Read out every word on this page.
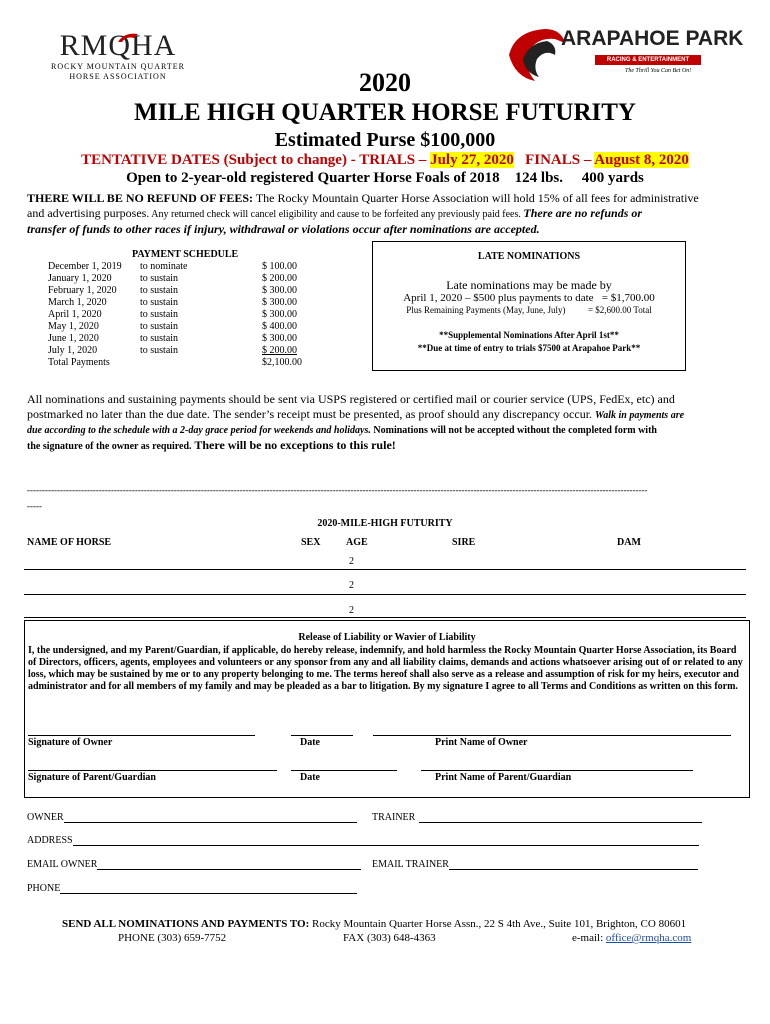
RMQHA
ROCKY MOUNTAIN QUARTER
HORSE ASSOCIATION
ARAPAHOE PARK
RACING & ENTERTAINMENT
The Thrill You Can Bet On!
2020
MILE HIGH QUARTER HORSE FUTURITY
Estimated Purse $100,000
TENTATIVE DATES (Subject to change) - TRIALS – July 27, 2020 FINALS – August 8, 2020
Open to 2-year-old registered Quarter Horse Foals of 2018 124 lbs. 400 yards
THERE WILL BE NO REFUND OF FEES: The Rocky Mountain Quarter Horse Association will hold 15% of all fees for administrative
and advertising purposes. Any returned check will cancel eligibility and cause to be forfeited any previously paid fees. There are no refunds or
transfer of funds to other races if injury, withdrawal or violations occur after nominations are accepted.
PAYMENT SCHEDULE
December 1, 2019 to nominate	$ 100.00
January 1, 2020	to sustain	$ 200.00
February 1, 2020 to sustain	$ 300.00
March 1, 2020	to sustain	$ 300.00
April 1, 2020	to sustain	$ 300.00
May 1, 2020	to sustain	$ 400.00
June 1, 2020	to sustain	$ 300.00
July 1, 2020	to sustain	$ 200.00
Total Payments	$2,100.00
LATE NOMINATIONS
Late nominations may be made by
April 1, 2020 – $500 plus payments to date   = $1,700.00
Plus Remaining Payments (May, June, July)          = $2,600.00 Total
**Supplemental Nominations After April 1st**
**Due at time of entry to trials $7500 at Arapahoe Park**
All nominations and sustaining payments should be sent via USPS registered or certified mail or courier service (UPS, FedEx, etc) and
postmarked no later than the due date. The sender’s receipt must be presented, as proof should any discrepancy occur. Walk in payments are
due according to the schedule with a 2-day grace period for weekends and holidays. Nominations will not be accepted without the completed form with
the signature of the owner as required. There will be no exceptions to this rule!
---------------------------------------------------------------------------------------------------------------------------------------------------------------------------------------------------------------
-----
2020-MILE-HIGH FUTURITY
NAME OF HORSE	SEX	AGE	SIRE	DAM
2
2
2
Release of Liability or Wavier of Liability
I, the undersigned, and my Parent/Guardian, if applicable, do hereby release, indemnify, and hold harmless the Rocky Mountain Quarter Horse Association, its Board of Directors, officers, agents, employees and volunteers or any sponsor from any and all liability claims, demands and actions whatsoever arising out of or related to any loss, which may be sustained by me or to any property belonging to me. The terms hereof shall also serve as a release and assumption of risk for my heirs, executor and administrator and for all members of my family and may be pleaded as a bar to litigation. By my signature I agree to all Terms and Conditions as written on this form.
Signature of Owner	Date	Print Name of Owner
Signature of Parent/Guardian	Date	Print Name of Parent/Guardian
OWNER	TRAINER
ADDRESS
EMAIL OWNER	EMAIL TRAINER
PHONE
SEND ALL NOMINATIONS AND PAYMENTS TO: Rocky Mountain Quarter Horse Assn., 22 S 4th Ave., Suite 101, Brighton, CO 80601
PHONE (303) 659-7752	FAX (303) 648-4363	e-mail: office@rmqha.com
